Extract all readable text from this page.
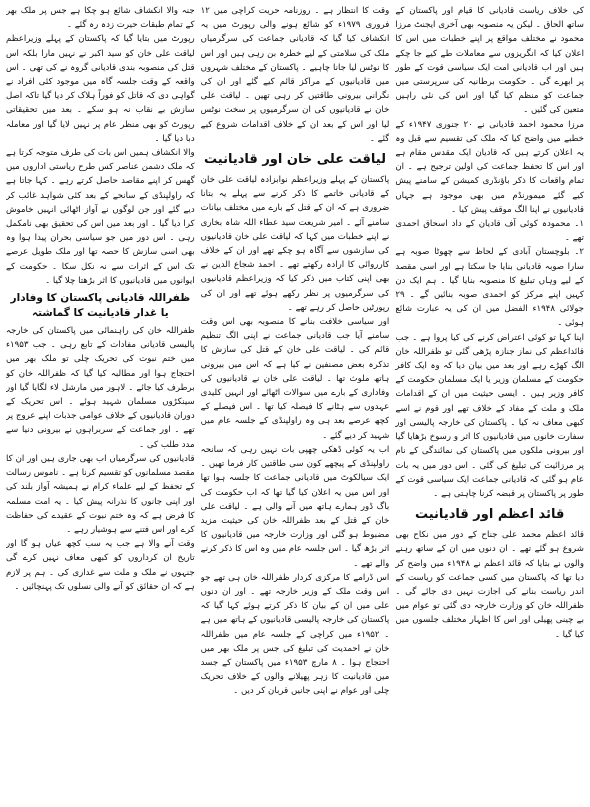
کی خلاف ریاست قادیانی کا قیام اور پاکستان کے ساتھ الحاق ۔ لیکن یہ منصوبہ بھی آخری ایجنٹ مرزا محمود نے مختلف مواقع پر اپنے خطبات میں اس کا اعلان کیا کہ انگریزوں سے معاملات طے کیے جا چکے ہیں اور اب قادیانی امت ایک سیاسی قوت کے طور پر ابھرے گی ۔ حکومت برطانیہ کی سرپرستی میں جماعت کو منظم کیا گیا اور اس کی نئی راہیں متعین کی گئیں ۔

مرزا محمود احمد قادیانی نے ۲۰ جنوری ۱۹۴۷ء کے خطبے میں واضح کیا کہ ملک کی تقسیم سے قبل وہ یہ اعلان کرتے ہیں کہ قادیان ایک مقدس مقام ہے اور اس کا تحفظ جماعت کی اولین ترجیح ہے ۔ ان تمام واقعات کا ذکر باؤنڈری کمیشن کے سامنے پیش کیے گئے میمورنڈم میں بھی موجود ہے جہاں قادیانیوں نے اپنا الگ موقف پیش کیا ۔

۱۔ محمودہ کوئی آف قادیان کے داد اسحاق احمدی تھے ۔

۲۔ بلوچستان آبادی کے لحاظ سے چھوٹا صوبہ ہے سارا صوبہ قادیانی بنایا جا سکتا ہے اور اسی مقصد کے لیے وہاں تبلیغ کا منصوبہ بنایا گیا ۔ ہم ایک دن کہیں اپنے مرکز کو احمدی صوبہ بنائیں گے ۔ ۲۹ جولائی ۱۹۴۸ء الفضل میں ان کی یہ عبارت شائع ہوئی ۔

اپنا کہا تو کوئی اعتراض کرنے کی کیا پروا ہے ۔ جب قائداعظم کی نماز جنازہ پڑھی گئی تو ظفراللہ خان الگ کھڑے رہے اور بعد میں بیان دیا کہ وہ ایک کافر حکومت کے مسلمان وزیر یا ایک مسلمان حکومت کے کافر وزیر ہیں ۔ ایسی حیثیت میں ان کے اقدامات ملک و ملت کے مفاد کے خلاف تھے اور قوم نے اسے کبھی معاف نہ کیا ۔ پاکستان کی خارجہ پالیسی اور سفارت خانوں میں قادیانیوں کا اثر و رسوخ بڑھایا گیا اور بیرونی ملکوں میں پاکستان کی نمائندگی کے نام پر مرزائیت کی تبلیغ کی گئی ۔ اس دور میں یہ بات عام ہو گئی کہ قادیانی جماعت ایک سیاسی قوت کے طور پر پاکستان پر قبضہ کرنا چاہتی ہے ۔

قائد اعظم اور قادیانیت

قائد اعظم محمد علی جناح کے دور میں نکاح بھی شروع ہو گئے تھے ۔ ان دنوں میں ان کے ساتھ رہنے والوں نے بتایا کہ قائد اعظم نے ۱۹۴۸ء میں واضح کر دیا تھا کہ پاکستان میں کسی جماعت کو ریاست کے اندر ریاست بنانے کی اجازت نہیں دی جائے گی ۔ ظفراللہ خان کو وزارت خارجہ دی گئی تو عوام میں بے چینی پھیلی اور اس کا اظہار مختلف جلسوں میں کیا گیا ۔

وقت کا انتظار ہے ۔ روزنامہ حریت کراچی میں ۱۲ فروری ۱۹۷۹ء کو شائع ہونے والی رپورٹ میں یہ انکشاف کیا گیا کہ قادیانی جماعت کی سرگرمیاں ملک کی سلامتی کے لیے خطرہ بن رہی ہیں اور اس کا نوٹس لیا جانا چاہیے ۔ پاکستان کے مختلف شہروں میں قادیانیوں کے مراکز قائم کیے گئے اور ان کی نگرانی بیرونی طاقتیں کر رہی تھیں ۔ لیاقت علی خان نے قادیانیوں کی ان سرگرمیوں پر سخت نوٹس لیا اور اس کے بعد ان کے خلاف اقدامات شروع کیے گئے ۔

لیاقت علی خان اور قادیانیت

پاکستان کے پہلے وزیراعظم نوابزادہ لیاقت علی خان کے قادیانی خاتمے کا ذکر کرنے سے پہلے یہ بتانا ضروری ہے کہ ان کے قتل کے بارے میں مختلف بیانات سامنے آئے ۔ امیر شریعت سید عطاء اللہ شاہ بخاری نے اپنے خطبات میں کہا کہ لیاقت علی خان قادیانیوں کی سازشوں سے آگاہ ہو چکے تھے اور ان کے خلاف کارروائی کا ارادہ رکھتے تھے ۔ احمد شجاع الدین نے بھی اپنی کتاب میں ذکر کیا کہ وزیراعظم قادیانیوں کی سرگرمیوں پر نظر رکھے ہوئے تھے اور ان کی رپورٹیں حاصل کر رہے تھے ۔

اور سیاسی خلافت بنانے کا منصوبہ بھی اس وقت سامنے آیا جب قادیانی جماعت نے اپنی الگ تنظیم قائم کی ۔ لیاقت علی خان کے قتل کی سازش کا تذکرہ بعض مصنفین نے کیا ہے کہ اس میں بیرونی ہاتھ ملوث تھا ۔ لیاقت علی خان نے قادیانیوں کی وفاداری کے بارے میں سوالات اٹھائے اور انہیں کلیدی عہدوں سے ہٹانے کا فیصلہ کیا تھا ۔ اس فیصلے کے کچھ عرصے بعد ہی وہ راولپنڈی کے جلسہ عام میں شہید کر دیے گئے ۔

اب یہ کوئی ڈھکی چھپی بات نہیں رہی کہ سانحہ راولپنڈی کے پیچھے کون سی طاقتیں کار فرما تھیں ۔ ایک سیالکوٹ میں قادیانی جماعت کا جلسہ ہوا تھا اور اس میں یہ اعلان کیا گیا تھا کہ اب حکومت کی باگ ڈور ہمارے ہاتھ میں آنے والی ہے ۔ لیاقت علی خان کے قتل کے بعد ظفراللہ خان کی حیثیت مزید مضبوط ہو گئی اور وزارت خارجہ میں قادیانیوں کا اثر بڑھ گیا ۔ اس جلسہ عام میں وہ اس کا ذکر کرنے والے تھے ۔

اس ڈرامے کا مرکزی کردار ظفراللہ خان ہی تھے جو اس وقت ملک کے وزیر خارجہ تھے ۔ اور ان دنوں علی میں ان کے بیان کا ذکر کرتے ہوئے کہا گیا کہ پاکستان کی خارجہ پالیسی قادیانیوں کے ہاتھ میں ہے ۔ ۱۹۵۲ء میں کراچی کے جلسہ عام میں ظفراللہ خان نے احمدیت کی تبلیغ کی جس پر ملک بھر میں احتجاج ہوا ۔ ۸ مارچ ۱۹۵۳ء میں پاکستان کے جسد میں قادیانیت کا زہر پھیلانے والوں کے خلاف تحریک چلی اور عوام نے اپنی جانیں قربان کر دیں ۔

جنہ والا انکشاف شائع ہو چکا ہے جس پر ملک بھر کے تمام طبقات حیرت زدہ رہ گئے ۔

رپورٹ میں بتایا گیا کہ پاکستان کے پہلے وزیراعظم لیاقت علی خان کو سید اکبر نے نہیں مارا بلکہ اس قتل کی منصوبہ بندی قادیانی گروہ نے کی تھی ۔ اس واقعہ کے وقت جلسہ گاہ میں موجود کئی افراد نے گواہی دی کہ قاتل کو فوراً ہلاک کر دیا گیا تاکہ اصل سازش بے نقاب نہ ہو سکے ۔ بعد میں تحقیقاتی رپورٹ کو بھی منظر عام پر نہیں لایا گیا اور معاملہ دبا دیا گیا ۔

والا انکشاف ہمیں اس بات کی طرف متوجہ کرتا ہے کہ ملک دشمن عناصر کس طرح ریاستی اداروں میں گھس کر اپنے مقاصد حاصل کرتے رہے ۔ کہا جاتا ہے کہ راولپنڈی کے سانحے کے بعد کئی شواہد غائب کر دیے گئے اور جن لوگوں نے آواز اٹھائی انہیں خاموش کرا دیا گیا ۔ اور بعد میں اس کی تحقیق بھی نامکمل رہی ۔ اس دور میں جو سیاسی بحران پیدا ہوا وہ بھی اسی سازش کا حصہ تھا اور ملک طویل عرصے تک اس کے اثرات سے نہ نکل سکا ۔ حکومت کے ایوانوں میں قادیانیوں کا اثر بڑھتا چلا گیا ۔

ظفراللہ قادیانی پاکستان کا وفادار یا غدار قادیانیت کا گماشتہ

ظفراللہ خان کی راہنمائی میں پاکستان کی خارجہ پالیسی قادیانی مفادات کے تابع رہی ۔ جب ۱۹۵۳ء میں ختم نبوت کی تحریک چلی تو ملک بھر میں احتجاج ہوا اور مطالبہ کیا گیا کہ ظفراللہ خان کو برطرف کیا جائے ۔ لاہور میں مارشل لاء لگایا گیا اور سینکڑوں مسلمان شہید ہوئے ۔ اس تحریک کے دوران قادیانیوں کے خلاف عوامی جذبات اپنے عروج پر تھے ۔ اور جماعت کے سربراہوں نے بیرونی دنیا سے مدد طلب کی ۔

قادیانیوں کی سرگرمیاں اب بھی جاری ہیں اور ان کا مقصد مسلمانوں کو تقسیم کرنا ہے ۔ ناموس رسالت کے تحفظ کے لیے علماء کرام نے ہمیشہ آواز بلند کی اور اپنی جانوں کا نذرانہ پیش کیا ۔ یہ امت مسلمہ کا فرض ہے کہ وہ ختم نبوت کے عقیدے کی حفاظت کرے اور اس فتنے سے ہوشیار رہے ۔

وقت آنے والا ہے جب یہ سب کچھ عیاں ہو گا اور تاریخ ان کرداروں کو کبھی معاف نہیں کرے گی جنہوں نے ملک و ملت سے غداری کی ۔ ہم پر لازم ہے کہ ان حقائق کو آنے والی نسلوں تک پہنچائیں ۔
